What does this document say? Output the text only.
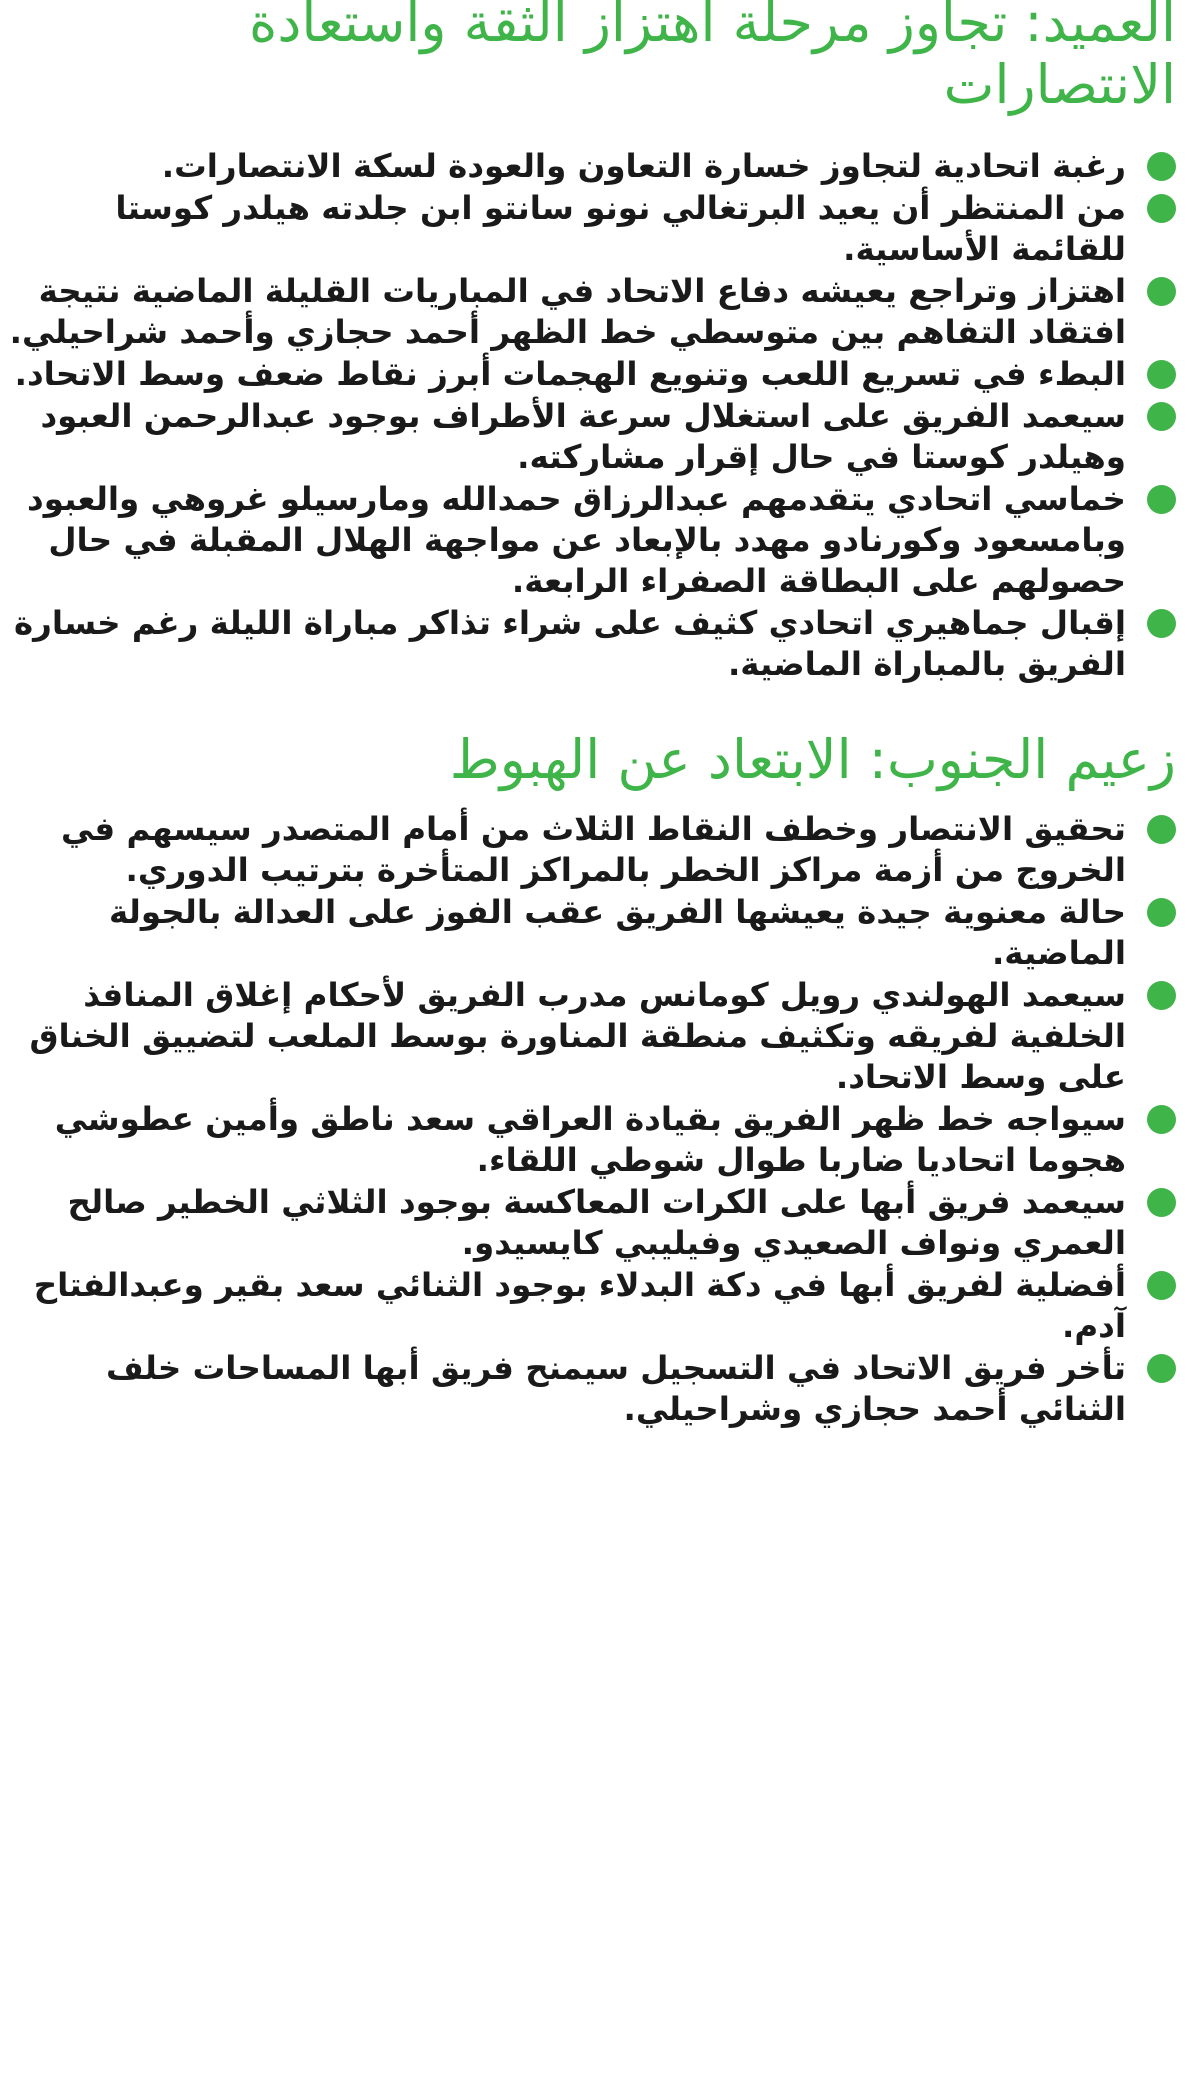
العميد: تجاوز مرحلة اهتزاز الثقة واستعادة الانتصارات
رغبة اتحادية لتجاوز خسارة التعاون والعودة لسكة الانتصارات.
من المنتظر أن يعيد البرتغالي نونو سانتو ابن جلدته هيلدر كوستا للقائمة الأساسية.
اهتزاز وتراجع يعيشه دفاع الاتحاد في المباريات القليلة الماضية نتيجة افتقاد التفاهم بين متوسطي خط الظهر أحمد حجازي وأحمد شراحيلي.
البطء في تسريع اللعب وتنويع الهجمات أبرز نقاط ضعف وسط الاتحاد.
سيعمد الفريق على استغلال سرعة الأطراف بوجود عبدالرحمن العبود وهيلدر كوستا في حال إقرار مشاركته.
خماسي اتحادي يتقدمهم عبدالرزاق حمدالله ومارسيلو غروهي والعبود وبامسعود وكورنادو مهدد بالإبعاد عن مواجهة الهلال المقبلة في حال حصولهم على البطاقة الصفراء الرابعة.
إقبال جماهيري اتحادي كثيف على شراء تذاكر مباراة الليلة رغم خسارة الفريق بالمباراة الماضية.
زعيم الجنوب: الابتعاد عن الهبوط
تحقيق الانتصار وخطف النقاط الثلاث من أمام المتصدر سيسهم في الخروج من أزمة مراكز الخطر بالمراكز المتأخرة بترتيب الدوري.
حالة معنوية جيدة يعيشها الفريق عقب الفوز على العدالة بالجولة الماضية.
سيعمد الهولندي رويل كومانس مدرب الفريق لأحكام إغلاق المنافذ الخلفية لفريقه وتكثيف منطقة المناورة بوسط الملعب لتضييق الخناق على وسط الاتحاد.
سيواجه خط ظهر الفريق بقيادة العراقي سعد ناطق وأمين عطوشي هجوما اتحاديا ضاربا طوال شوطي اللقاء.
سيعمد فريق أبها على الكرات المعاكسة بوجود الثلاثي الخطير صالح العمري ونواف الصعيدي وفيليبي كايسيدو.
أفضلية لفريق أبها في دكة البدلاء بوجود الثنائي سعد بقير وعبدالفتاح آدم.
تأخر فريق الاتحاد في التسجيل سيمنح فريق أبها المساحات خلف الثنائي أحمد حجازي وشراحيلي.
